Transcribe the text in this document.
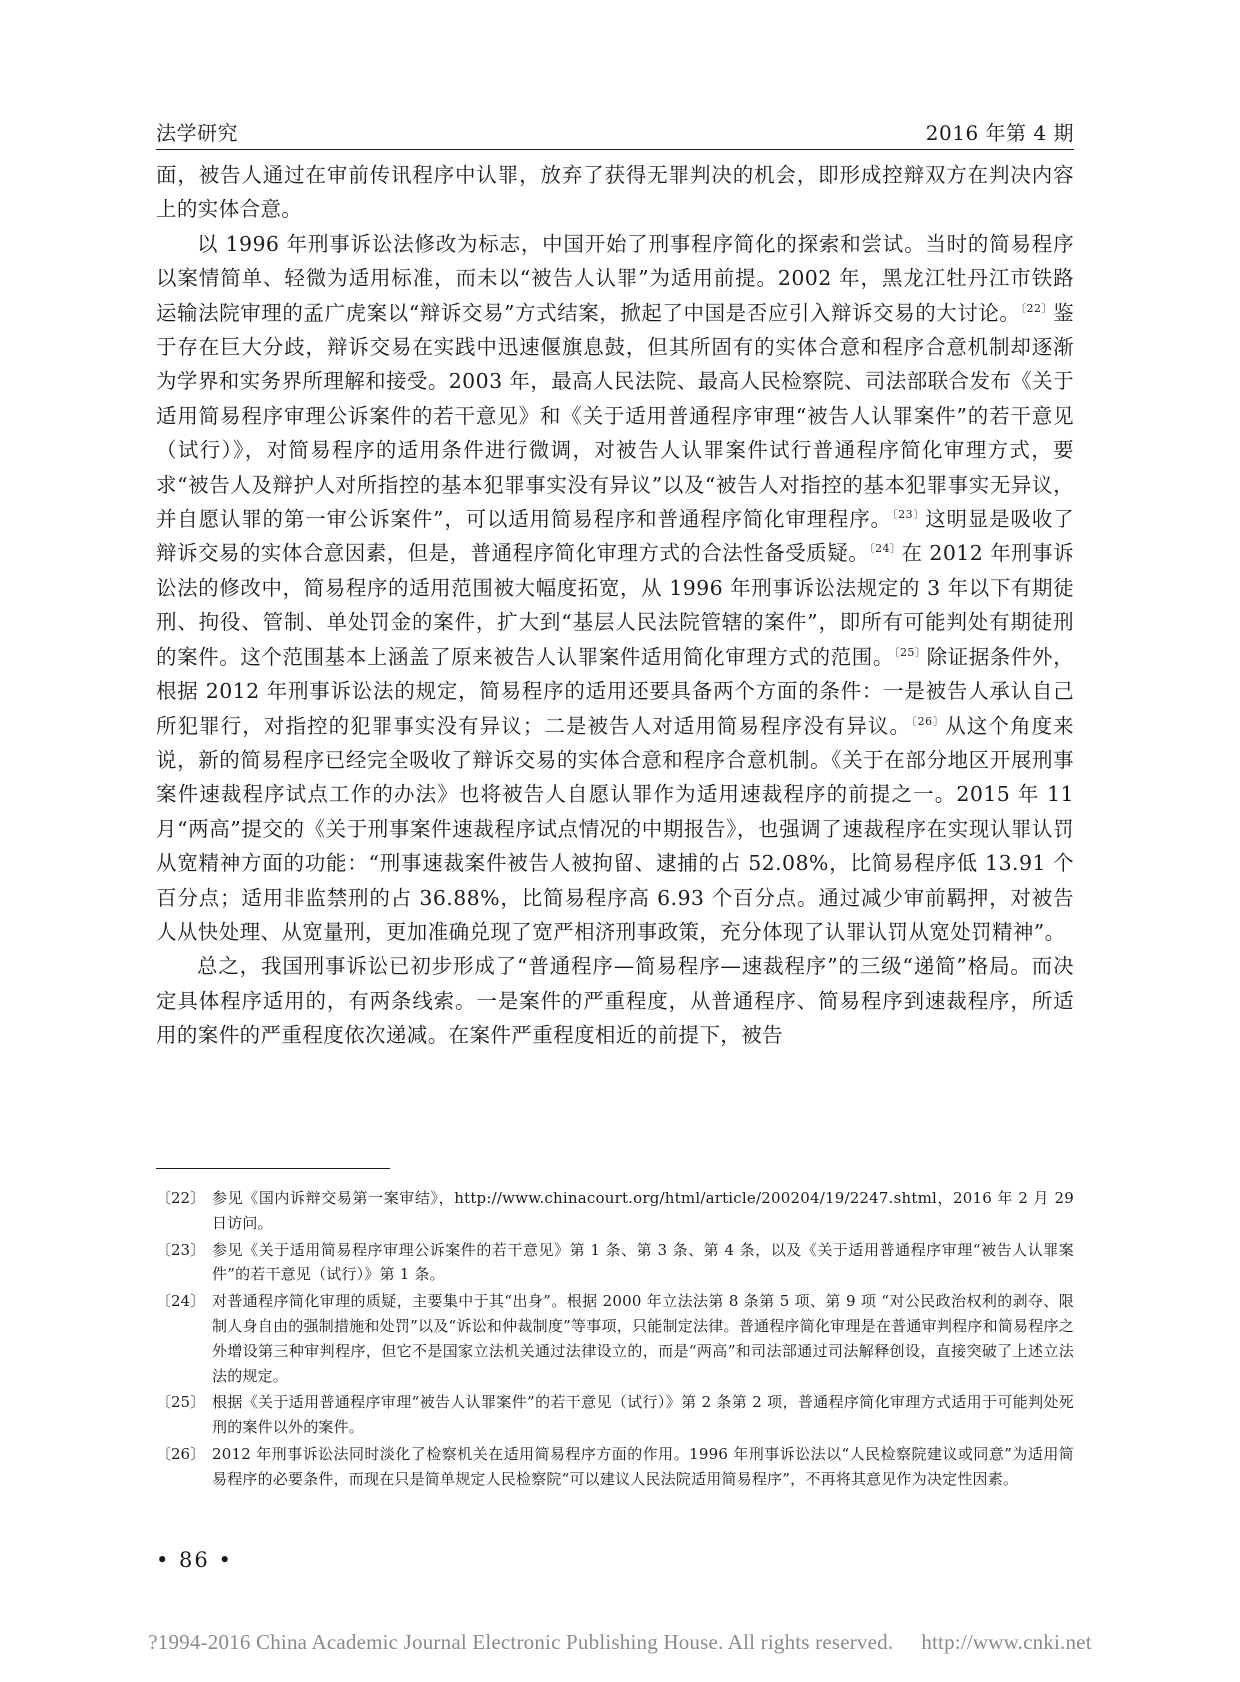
法学研究	2016 年第 4 期

面，被告人通过在审前传讯程序中认罪，放弃了获得无罪判决的机会，即形成控辩双方在判决内容上的实体合意。

以 1996 年刑事诉讼法修改为标志，中国开始了刑事程序简化的探索和尝试。当时的简易程序以案情简单、轻微为适用标准，而未以“被告人认罪”为适用前提。2002 年，黑龙江牡丹江市铁路运输法院审理的孟广虎案以“辩诉交易”方式结案，掀起了中国是否应引入辩诉交易的大讨论。$^{〔22〕}$鉴于存在巨大分歧，辩诉交易在实践中迅速偃旗息鼓，但其所固有的实体合意和程序合意机制却逐渐为学界和实务界所理解和接受。2003 年，最高人民法院、最高人民检察院、司法部联合发布《关于适用简易程序审理公诉案件的若干意见》和《关于适用普通程序审理“被告人认罪案件”的若干意见（试行）》，对简易程序的适用条件进行微调，对被告人认罪案件试行普通程序简化审理方式，要求“被告人及辩护人对所指控的基本犯罪事实没有异议”以及“被告人对指控的基本犯罪事实无异议，并自愿认罪的第一审公诉案件”，可以适用简易程序和普通程序简化审理程序。$^{〔23〕}$这明显是吸收了辩诉交易的实体合意因素，但是，普通程序简化审理方式的合法性备受质疑。$^{〔24〕}$在 2012 年刑事诉讼法的修改中，简易程序的适用范围被大幅度拓宽，从 1996 年刑事诉讼法规定的 3 年以下有期徒刑、拘役、管制、单处罚金的案件，扩大到“基层人民法院管辖的案件”，即所有可能判处有期徒刑的案件。这个范围基本上涵盖了原来被告人认罪案件适用简化审理方式的范围。$^{〔25〕}$除证据条件外，根据 2012 年刑事诉讼法的规定，简易程序的适用还要具备两个方面的条件：一是被告人承认自己所犯罪行，对指控的犯罪事实没有异议；二是被告人对适用简易程序没有异议。$^{〔26〕}$从这个角度来说，新的简易程序已经完全吸收了辩诉交易的实体合意和程序合意机制。《关于在部分地区开展刑事案件速裁程序试点工作的办法》也将被告人自愿认罪作为适用速裁程序的前提之一。2015 年 11 月“两高”提交的《关于刑事案件速裁程序试点情况的中期报告》，也强调了速裁程序在实现认罪认罚从宽精神方面的功能：“刑事速裁案件被告人被拘留、逮捕的占 52.08%，比简易程序低 13.91 个百分点；适用非监禁刑的占 36.88%，比简易程序高 6.93 个百分点。通过减少审前羁押，对被告人从快处理、从宽量刑，更加准确兑现了宽严相济刑事政策，充分体现了认罪认罚从宽处罚精神”。

总之，我国刑事诉讼已初步形成了“普通程序—简易程序—速裁程序”的三级“递简”格局。而决定具体程序适用的，有两条线索。一是案件的严重程度，从普通程序、简易程序到速裁程序，所适用的案件的严重程度依次递减。在案件严重程度相近的前提下，被告

〔22〕 参见《国内诉辩交易第一案审结》，http://www.chinacourt.org/html/article/200204/19/2247.shtml，2016 年 2 月 29 日访问。
〔23〕 参见《关于适用简易程序审理公诉案件的若干意见》第 1 条、第 3 条、第 4 条，以及《关于适用普通程序审理“被告人认罪案件”的若干意见（试行）》第 1 条。
〔24〕 对普通程序简化审理的质疑，主要集中于其“出身”。根据 2000 年立法法第 8 条第 5 项、第 9 项 “对公民政治权利的剥夺、限制人身自由的强制措施和处罚”以及“诉讼和仲裁制度”等事项，只能制定法律。普通程序简化审理是在普通审判程序和简易程序之外增设第三种审判程序，但它不是国家立法机关通过法律设立的，而是“两高”和司法部通过司法解释创设，直接突破了上述立法法的规定。
〔25〕 根据《关于适用普通程序审理“被告人认罪案件”的若干意见（试行）》第 2 条第 2 项，普通程序简化审理方式适用于可能判处死刑的案件以外的案件。
〔26〕 2012 年刑事诉讼法同时淡化了检察机关在适用简易程序方面的作用。1996 年刑事诉讼法以“人民检察院建议或同意”为适用简易程序的必要条件，而现在只是简单规定人民检察院“可以建议人民法院适用简易程序”，不再将其意见作为决定性因素。
• 86 •
?1994-2016 China Academic Journal Electronic Publishing House. All rights reserved. http://www.cnki.net
